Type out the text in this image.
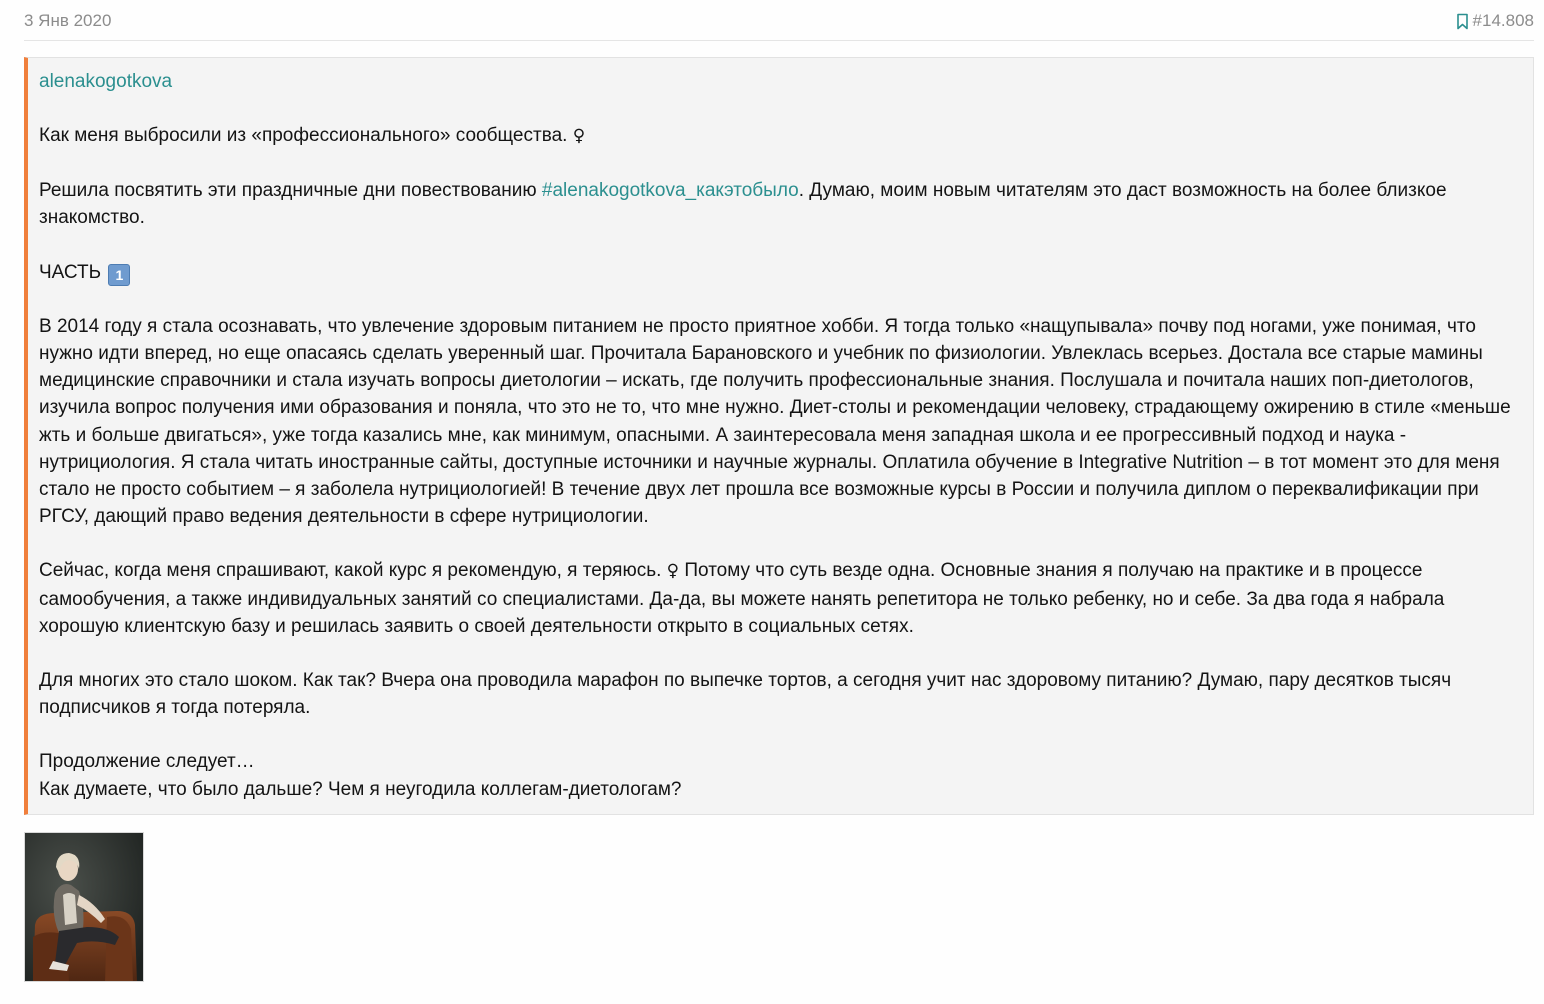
3 Янв 2020	#14.808
alenakogotkova

Как меня выбросили из «профессионального» сообщества. ♀

Решила посвятить эти праздничные дни повествованию #alenakogotkova_какэтобыло. Думаю, моим новым читателям это даст возможность на более близкое знакомство.

ЧАСТЬ 1

В 2014 году я стала осознавать, что увлечение здоровым питанием не просто приятное хобби. Я тогда только «нащупывала» почву под ногами, уже понимая, что нужно идти вперед, но еще опасаясь сделать уверенный шаг. Прочитала Барановского и учебник по физиологии. Увлеклась всерьез. Достала все старые мамины медицинские справочники и стала изучать вопросы диетологии – искать, где получить профессиональные знания. Послушала и почитала наших поп-диетологов, изучила вопрос получения ими образования и поняла, что это не то, что мне нужно. Диет-столы и рекомендации человеку, страдающему ожирению в стиле «меньше жть и больше двигаться», уже тогда казались мне, как минимум, опасными. А заинтересовала меня западная школа и ее прогрессивный подход и наука - нутрициология. Я стала читать иностранные сайты, доступные источники и научные журналы. Оплатила обучение в Integrative Nutrition – в тот момент это для меня стало не просто событием – я заболела нутрициологией! В течение двух лет прошла все возможные курсы в России и получила диплом о переквалификации при РГСУ, дающий право ведения деятельности в сфере нутрициологии.

Сейчас, когда меня спрашивают, какой курс я рекомендую, я теряюсь. ♀ Потому что суть везде одна. Основные знания я получаю на практике и в процессе самообучения, а также индивидуальных занятий со специалистами. Да-да, вы можете нанять репетитора не только ребенку, но и себе. За два года я набрала хорошую клиентскую базу и решилась заявить о своей деятельности открыто в социальных сетях.

Для многих это стало шоком. Как так? Вчера она проводила марафон по выпечке тортов, а сегодня учит нас здоровому питанию? Думаю, пару десятков тысяч подписчиков я тогда потеряла.

Продолжение следует…
Как думаете, что было дальше? Чем я неугодила коллегам-диетологам?
